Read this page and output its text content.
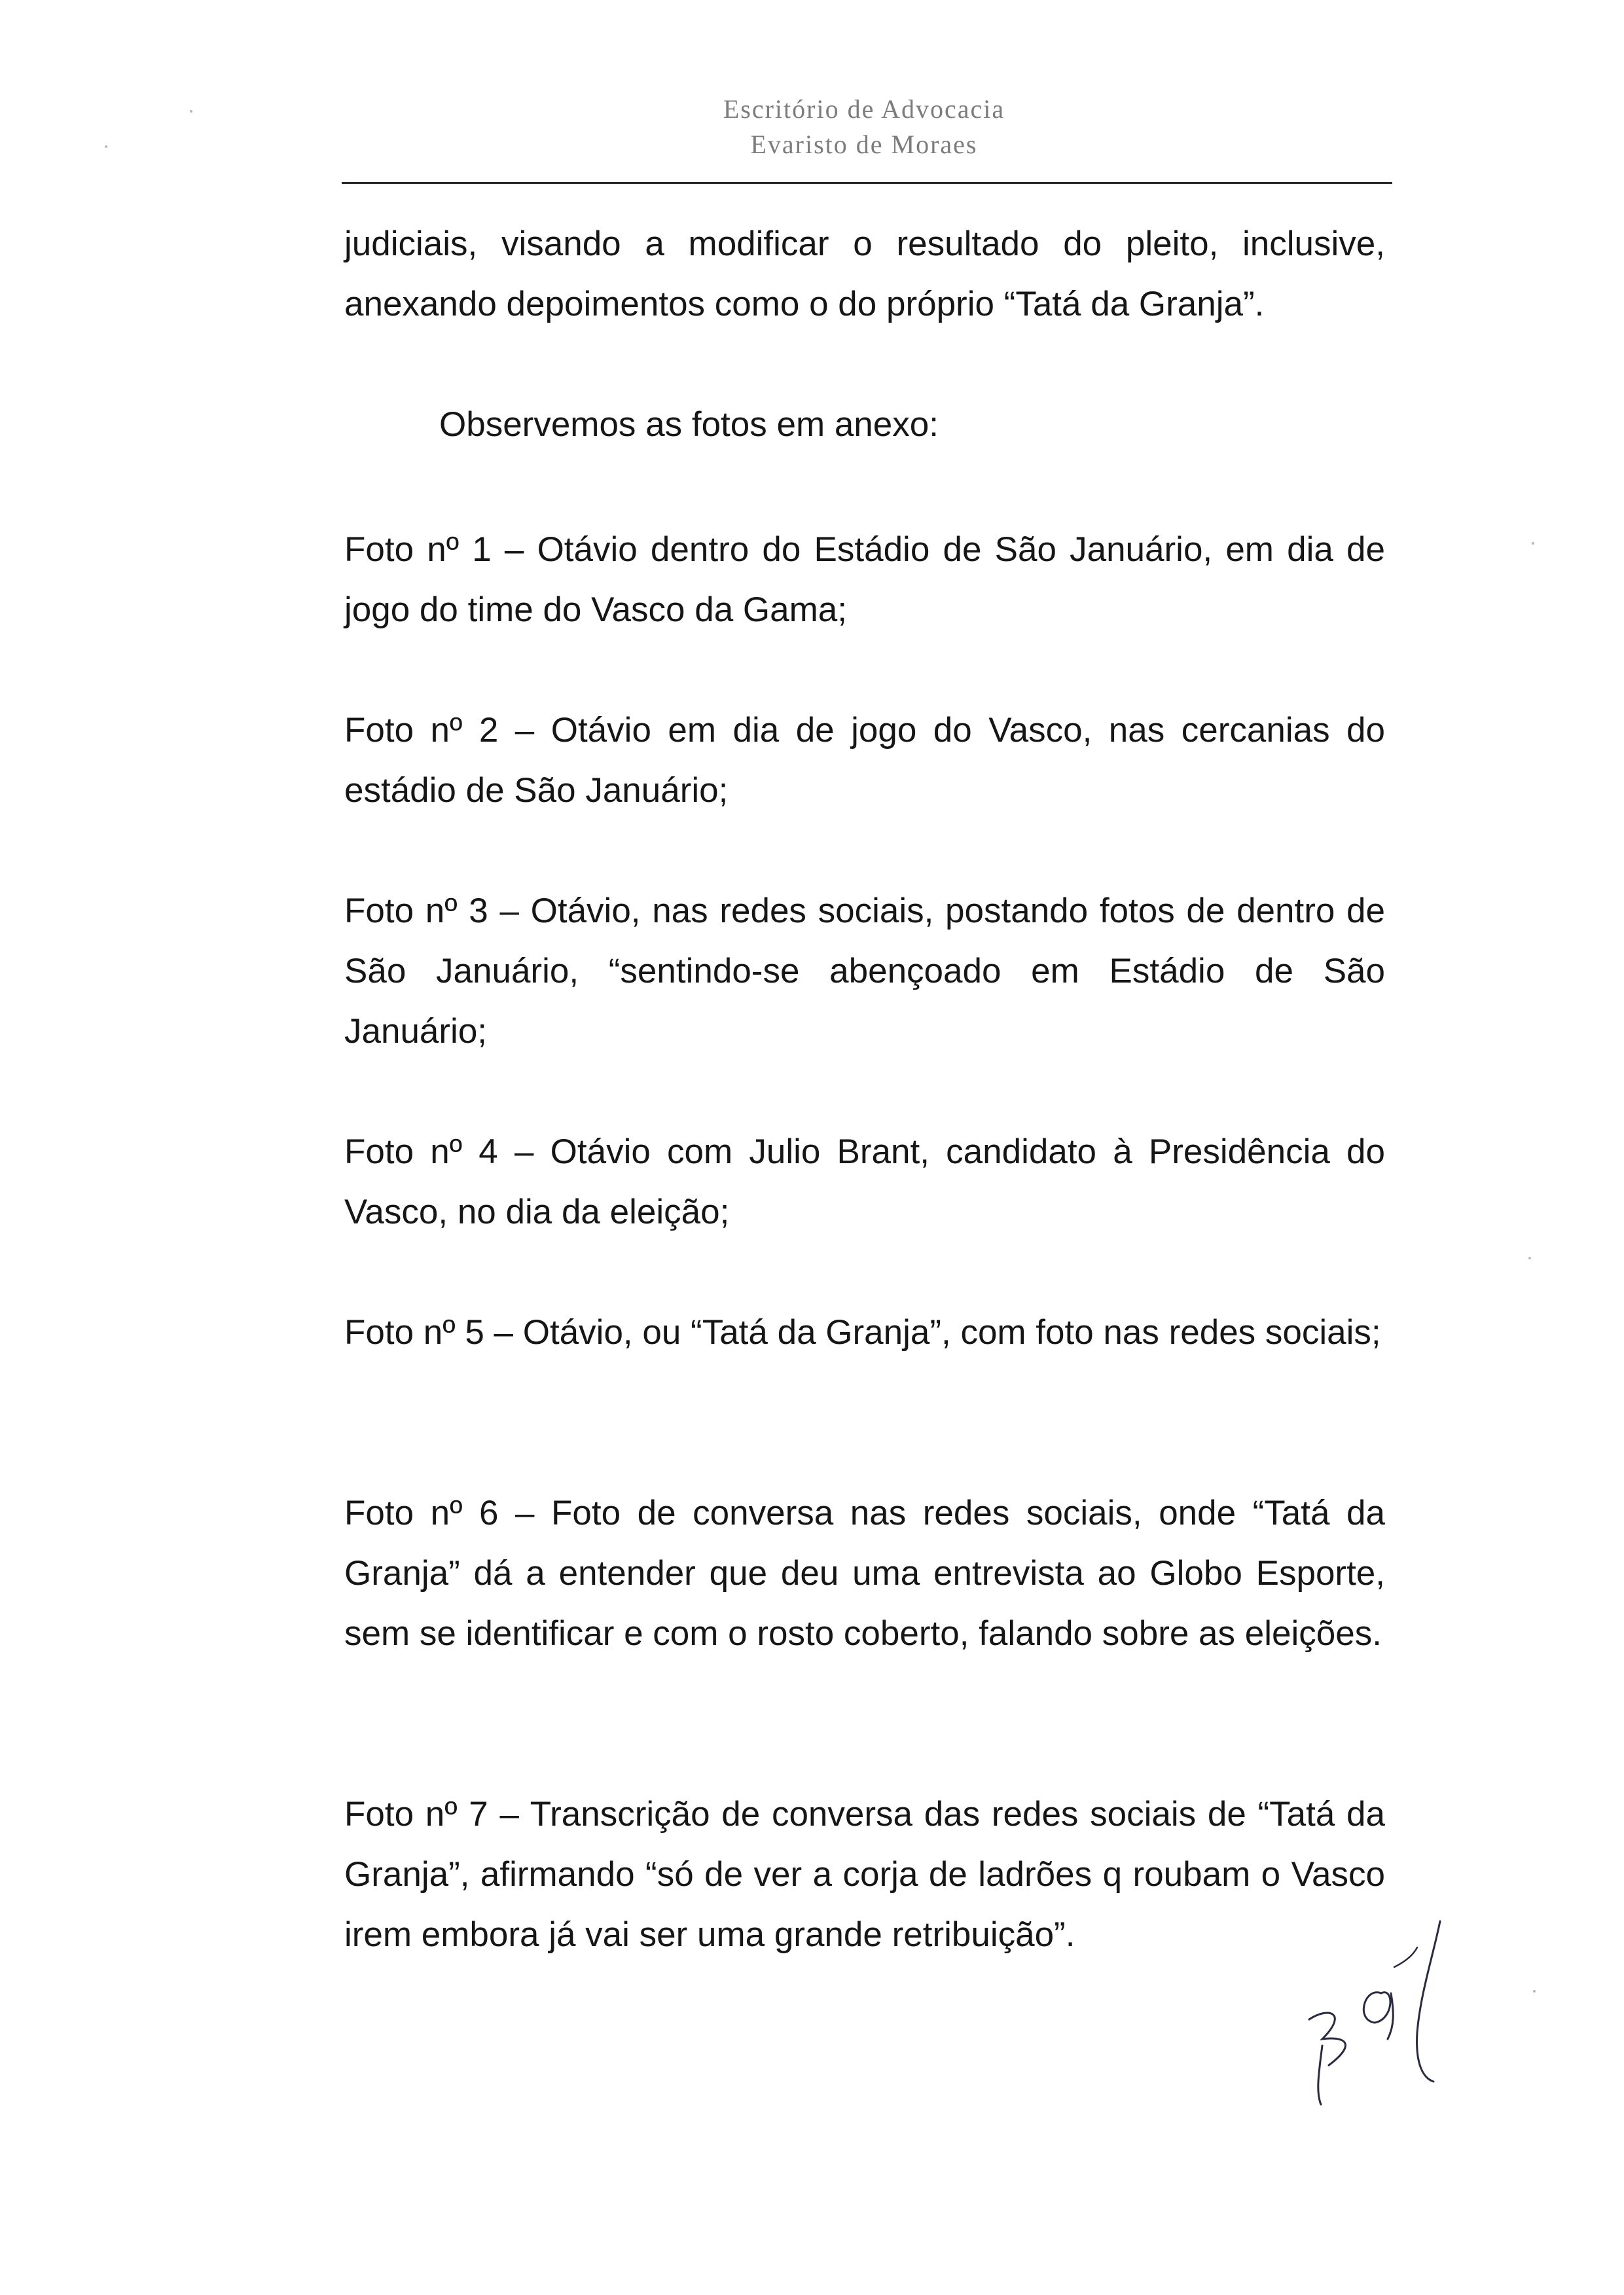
Escritório de Advocacia
Evaristo de Moraes

judiciais, visando a modificar o resultado do pleito, inclusive, anexando depoimentos como o do próprio “Tatá da Granja”.

Observemos as fotos em anexo:

Foto nº 1 – Otávio dentro do Estádio de São Januário, em dia de jogo do time do Vasco da Gama;

Foto nº 2 – Otávio em dia de jogo do Vasco, nas cercanias do estádio de São Januário;

Foto nº 3 – Otávio, nas redes sociais, postando fotos de dentro de São Januário, “sentindo-se abençoado em Estádio de São Januário;

Foto nº 4 – Otávio com Julio Brant, candidato à Presidência do Vasco, no dia da eleição;

Foto nº 5 – Otávio, ou “Tatá da Granja”, com foto nas redes sociais;

Foto nº 6 – Foto de conversa nas redes sociais, onde “Tatá da Granja” dá a entender que deu uma entrevista ao Globo Esporte, sem se identificar e com o rosto coberto, falando sobre as eleições.

Foto nº 7 – Transcrição de conversa das redes sociais de “Tatá da Granja”, afirmando “só de ver a corja de ladrões q roubam o Vasco irem embora já vai ser uma grande retribuição”.
